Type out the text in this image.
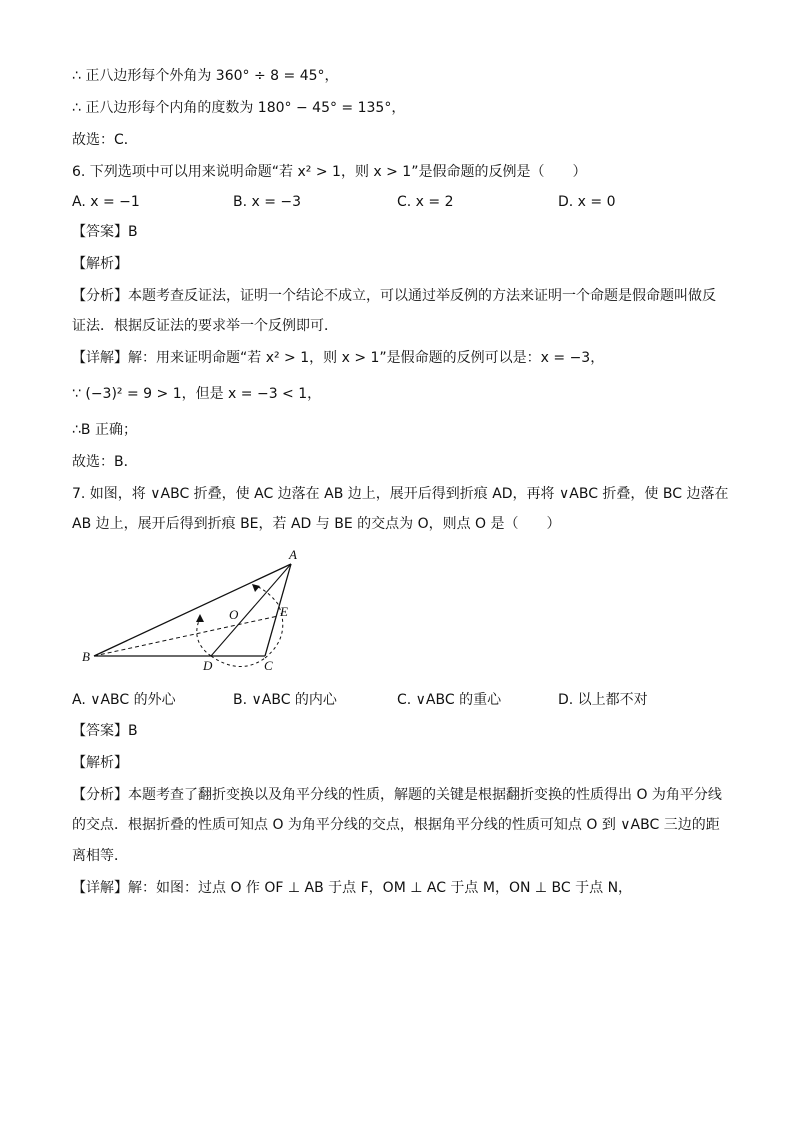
∴ 正八边形每个外角为 360° ÷ 8 = 45°，
∴ 正八边形每个内角的度数为 180° − 45° = 135°，
故选：C．
6. 下列选项中可以用来说明命题“若 x² > 1，则 x > 1”是假命题的反例是（　　）
A. x = −1	B. x = −3	C. x = 2	D. x = 0
【答案】B
【解析】
【分析】本题考查反证法，证明一个结论不成立，可以通过举反例的方法来证明一个命题是假命题叫做反
证法．根据反证法的要求举一个反例即可．
【详解】解：用来证明命题“若 x² > 1，则 x > 1”是假命题的反例可以是：x = −3，
∵ (−3)² = 9 > 1，但是 x = −3 < 1，
∴B 正确；
故选：B．
7. 如图，将 ∨ABC 折叠，使 AC 边落在 AB 边上，展开后得到折痕 AD，再将 ∨ABC 折叠，使 BC 边落在
AB 边上，展开后得到折痕 BE，若 AD 与 BE 的交点为 O，则点 O 是（　　）
A
B
C
D
E
O
A. ∨ABC 的外心	B. ∨ABC 的内心	C. ∨ABC 的重心	D. 以上都不对
【答案】B
【解析】
【分析】本题考查了翻折变换以及角平分线的性质，解题的关键是根据翻折变换的性质得出 O 为角平分线
的交点．根据折叠的性质可知点 O 为角平分线的交点，根据角平分线的性质可知点 O 到 ∨ABC 三边的距
离相等．
【详解】解：如图：过点 O 作 OF ⊥ AB 于点 F，OM ⊥ AC 于点 M，ON ⊥ BC 于点 N，
